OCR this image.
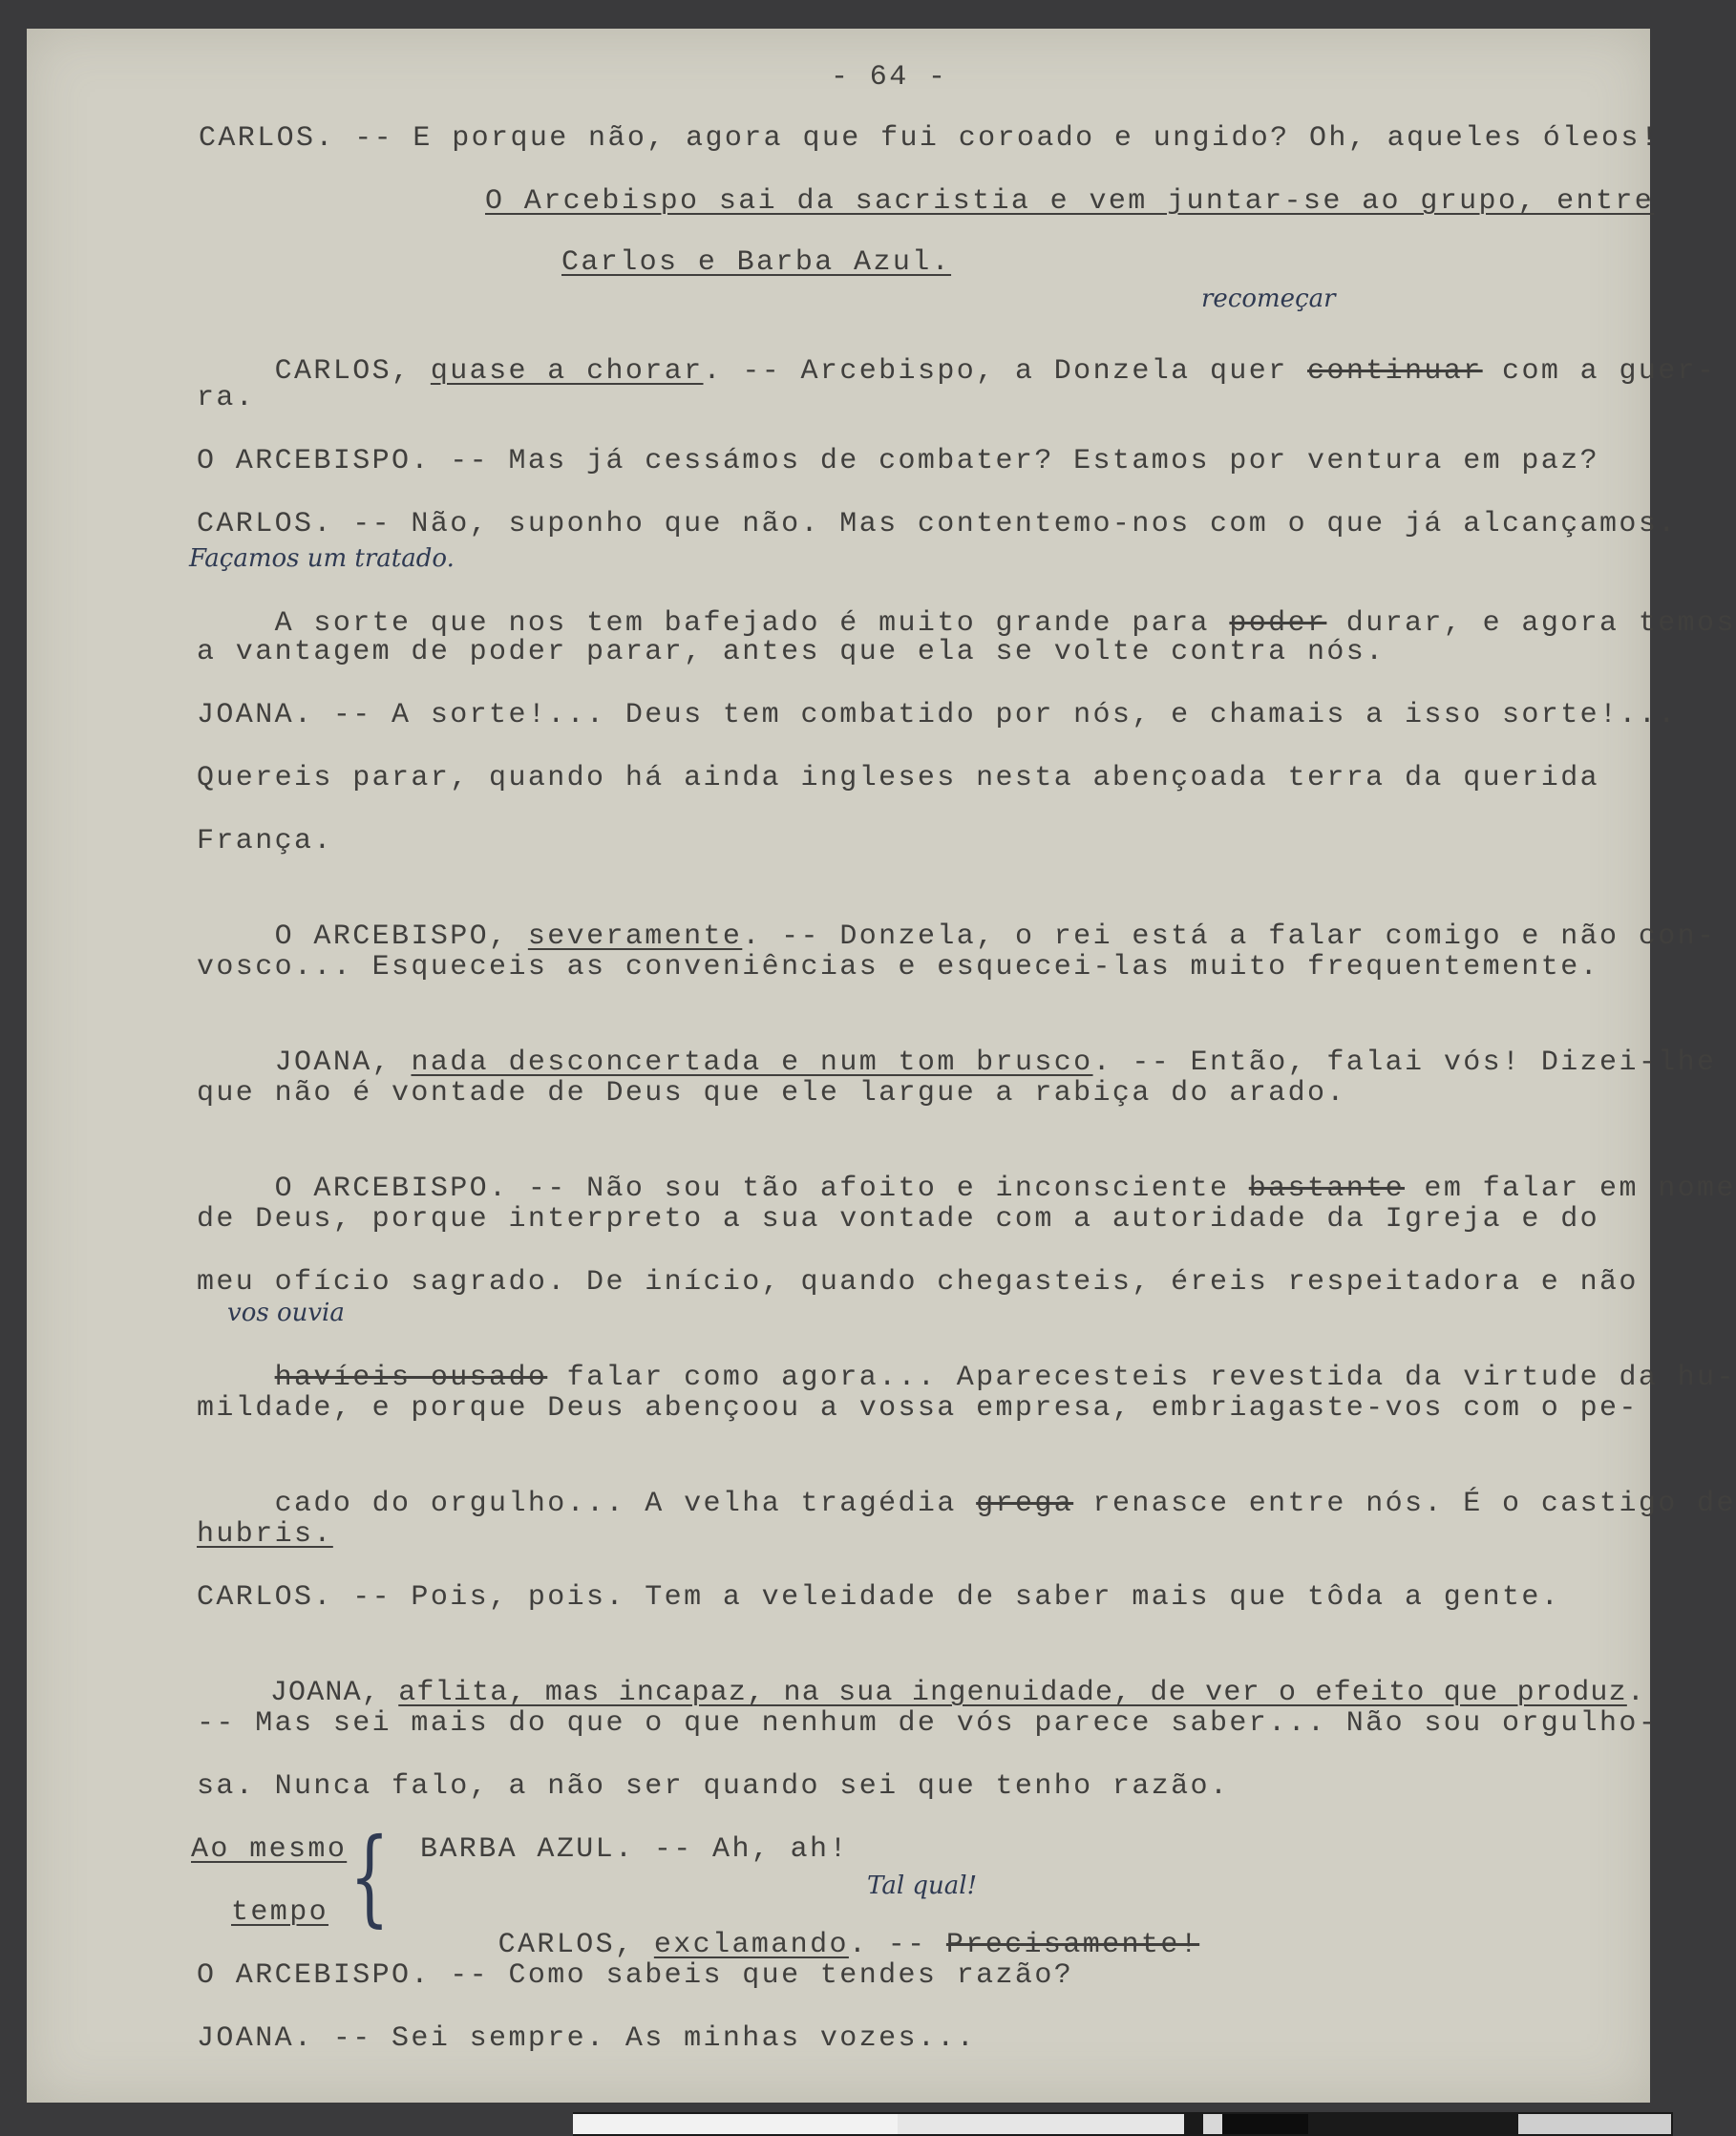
- 64 -
CARLOS. -- E porque não, agora que fui coroado e ungido? Oh, aqueles óleos!
O Arcebispo sai da sacristia e vem juntar-se ao grupo, entre
Carlos e Barba Azul.

CARLOS, quase a chorar. -- Arcebispo, a Donzela quer continuar com a guer-

recomeçar
ra.
O ARCEBISPO. -- Mas já cessámos de combater? Estamos por ventura em paz?
CARLOS. -- Não, suponho que não. Mas contentemo-nos com o que já alcançamos.
Façamos um tratado.

A sorte que nos tem bafejado é muito grande para poder durar, e agora temos

a vantagem de poder parar, antes que ela se volte contra nós.
JOANA. -- A sorte!... Deus tem combatido por nós, e chamais a isso sorte!...
Quereis parar, quando há ainda ingleses nesta abençoada terra da querida
França.

O ARCEBISPO, severamente. -- Donzela, o rei está a falar comigo e não con-

vosco... Esqueceis as conveniências e esquecei-las muito frequentemente.

JOANA, nada desconcertada e num tom brusco. -- Então, falai vós! Dizei-lhe

que não é vontade de Deus que ele largue a rabiça do arado.

O ARCEBISPO. -- Não sou tão afoito e inconsciente bastante em falar em nome

de Deus, porque interpreto a sua vontade com a autoridade da Igreja e do
meu ofício sagrado. De início, quando chegasteis, éreis respeitadora e não
vos ouvia

havíeis ousado falar como agora... Aparecesteis revestida da virtude da hu-

mildade, e porque Deus abençoou a vossa empresa, embriagaste-vos com o pe-

cado do orgulho... A velha tragédia grega renasce entre nós. É o castigo de

hubris.
CARLOS. -- Pois, pois. Tem a veleidade de saber mais que tôda a gente.

JOANA, aflita, mas incapaz, na sua ingenuidade, de ver o efeito que produz.

-- Mas sei mais do que o que nenhum de vós parece saber... Não sou orgulho-
sa. Nunca falo, a não ser quando sei que tenho razão.
Ao mesmo	BARBA AZUL. -- Ah, ah!
Tal qual!
tempo

CARLOS, exclamando. -- Precisamente!

{
O ARCEBISPO. -- Como sabeis que tendes razão?
JOANA. -- Sei sempre. As minhas vozes...
